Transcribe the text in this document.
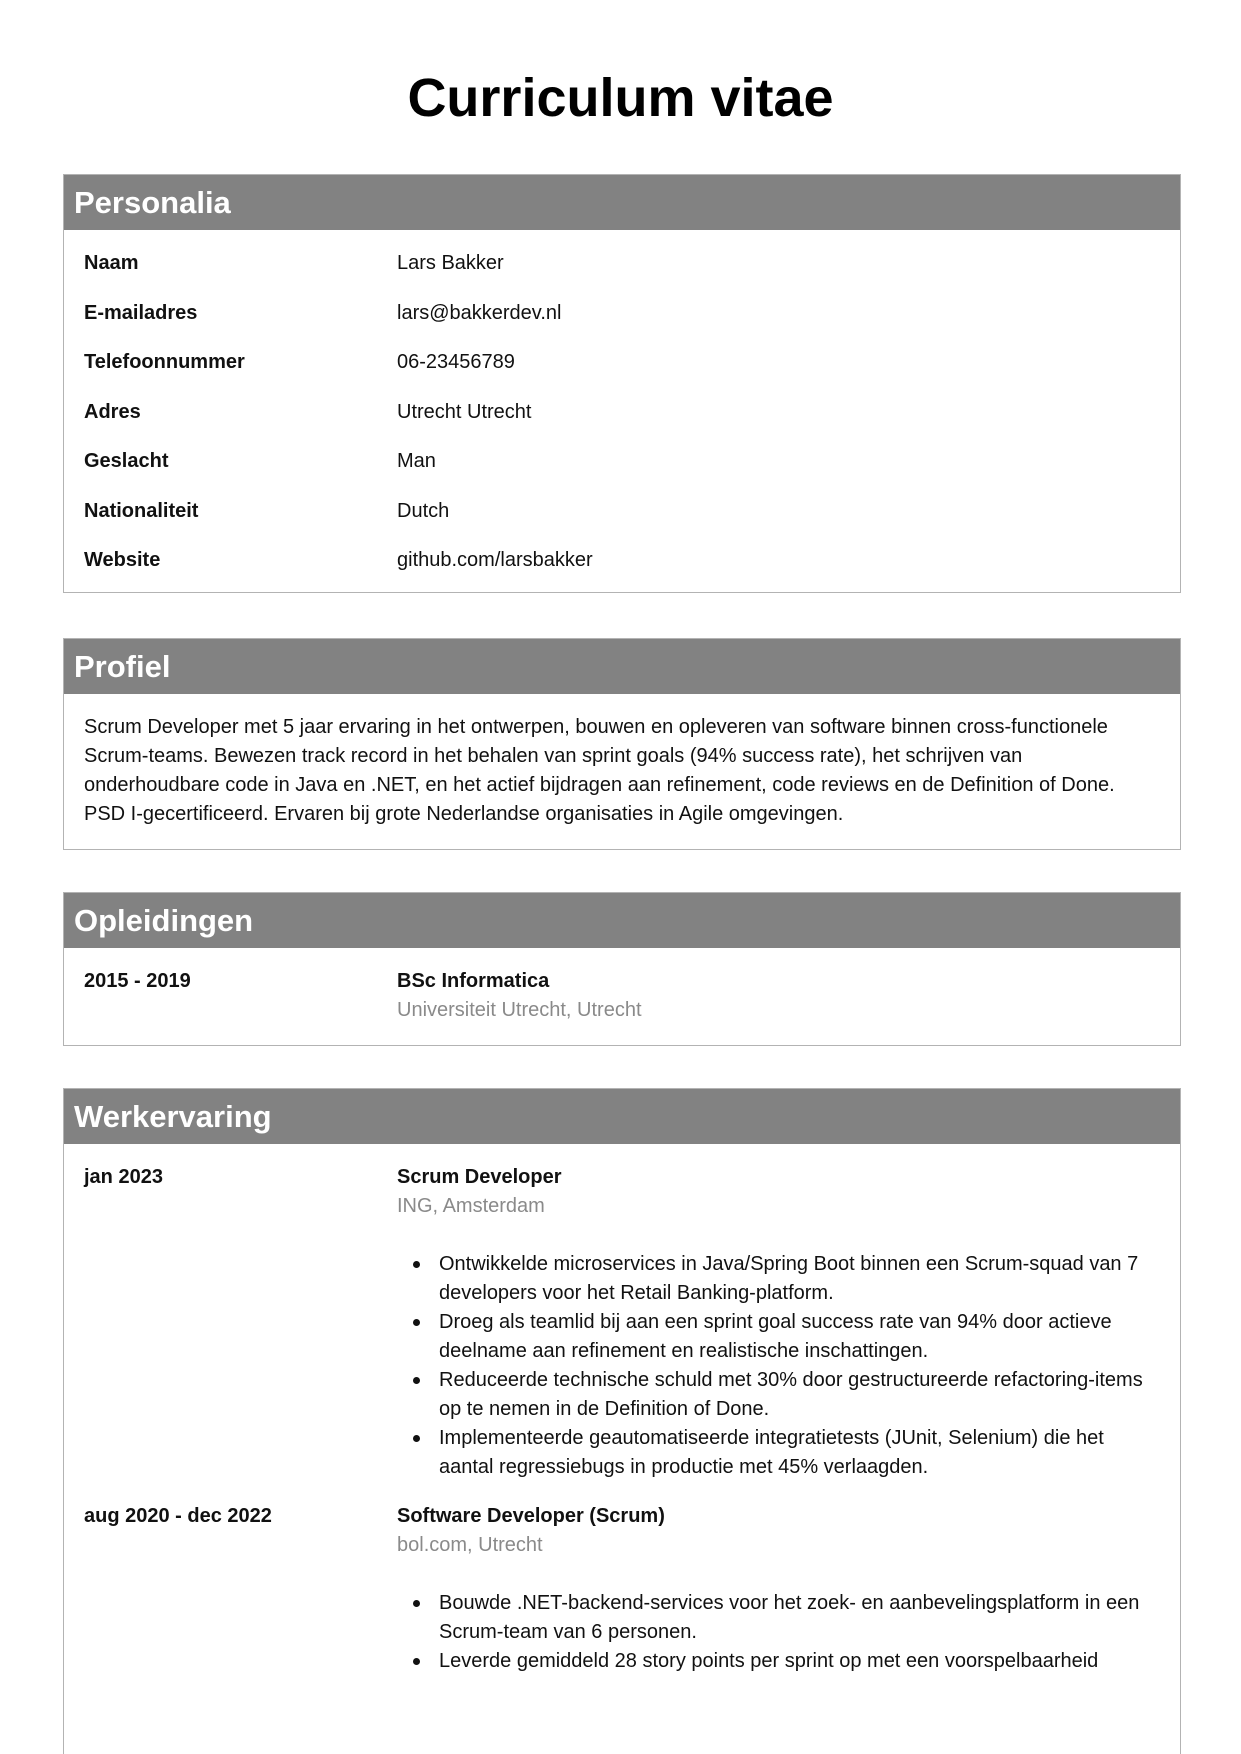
Curriculum vitae
Personalia
Naam	Lars Bakker
E-mailadres	lars@bakkerdev.nl
Telefoonnummer	06-23456789
Adres	Utrecht Utrecht
Geslacht	Man
Nationaliteit	Dutch
Website	github.com/larsbakker
Profiel

Scrum Developer met 5 jaar ervaring in het ontwerpen, bouwen en opleveren van software binnen cross-functionele Scrum-teams. Bewezen track record in het behalen van sprint goals (94% success rate), het schrijven van onderhoudbare code in Java en .NET, en het actief bijdragen aan refinement, code reviews en de Definition of Done. PSD I-gecertificeerd. Ervaren bij grote Nederlandse organisaties in Agile omgevingen.

Opleidingen
2015 - 2019	BSc Informatica
Universiteit Utrecht, Utrecht
Werkervaring
jan 2023	Scrum Developer
ING, Amsterdam
Ontwikkelde microservices in Java/Spring Boot binnen een Scrum-squad van 7 developers voor het Retail Banking-platform.
Droeg als teamlid bij aan een sprint goal success rate van 94% door actieve deelname aan refinement en realistische inschattingen.
Reduceerde technische schuld met 30% door gestructureerde refactoring-items op te nemen in de Definition of Done.
Implementeerde geautomatiseerde integratietests (JUnit, Selenium) die het aantal regressiebugs in productie met 45% verlaagden.
aug 2020 - dec 2022	Software Developer (Scrum)
bol.com, Utrecht
Bouwde .NET-backend-services voor het zoek- en aanbevelingsplatform in een Scrum-team van 6 personen.
Leverde gemiddeld 28 story points per sprint op met een voorspelbaarheid
